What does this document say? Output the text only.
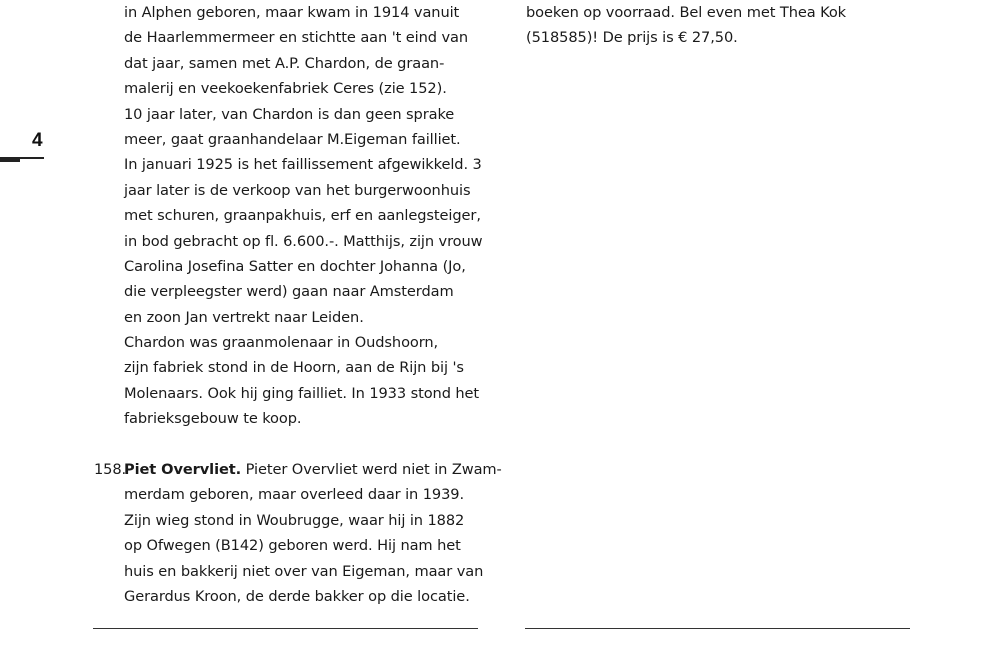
4
in Alphen geboren, maar kwam in 1914 vanuit
de Haarlemmermeer en stichtte aan 't eind van
dat jaar, samen met A.P. Chardon, de graan-
malerij en veekoekenfabriek Ceres (zie 152).
10 jaar later, van Chardon is dan geen sprake
meer, gaat graanhandelaar M.Eigeman failliet.
In januari 1925 is het faillissement afgewikkeld. 3
jaar later is de verkoop van het burgerwoonhuis
met schuren, graanpakhuis, erf en aanlegsteiger,
in bod gebracht op fl. 6.600.-. Matthijs, zijn vrouw
Carolina Josefina Satter en dochter Johanna (Jo,
die verpleegster werd) gaan naar Amsterdam
en zoon Jan vertrekt naar Leiden.
Chardon was graanmolenaar in Oudshoorn,
zijn fabriek stond in de Hoorn, aan de Rijn bij 's
Molenaars. Ook hij ging failliet. In 1933 stond het
fabrieksgebouw te koop.
158.Piet Overvliet. Pieter Overvliet werd niet in Zwam-
merdam geboren, maar overleed daar in 1939.
Zijn wieg stond in Woubrugge, waar hij in 1882
op Ofwegen (B142) geboren werd. Hij nam het
huis en bakkerij niet over van Eigeman, maar van
Gerardus Kroon, de derde bakker op die locatie.
boeken op voorraad. Bel even met Thea Kok
(518585)! De prijs is € 27,50.
